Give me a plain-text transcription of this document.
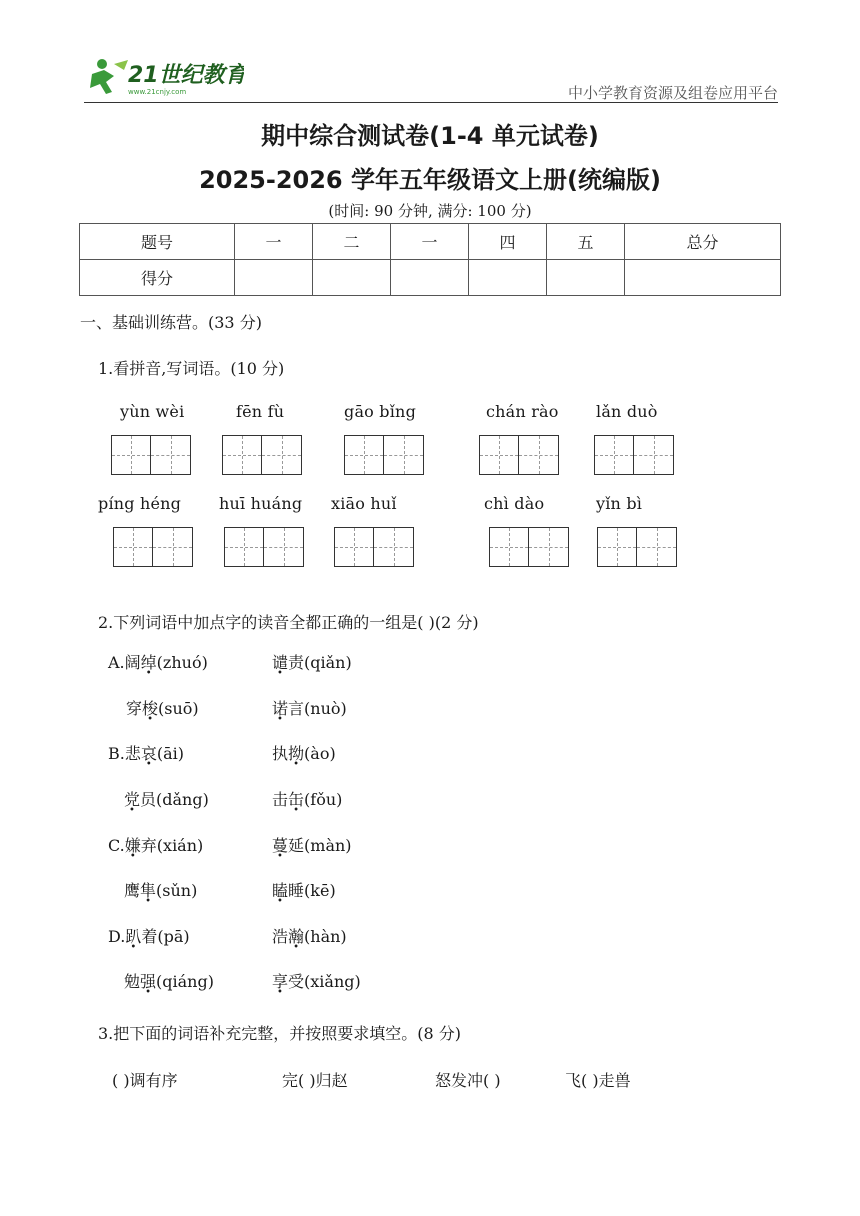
21世纪教育
www.21cnjy.com	中小学教育资源及组卷应用平台
期中综合测试卷(1-4 单元试卷)
2025-2026 学年五年级语文上册(统编版)
(时间: 90 分钟, 满分: 100 分)
题号	一	二	一	四	五	总分
得分						
一、基础训练营。(33 分)
1.看拼音,写词语。(10 分)
yùn wèi	fēn fù	gāo bǐng	chán rào lǎn duò
píng héng huī huáng xiāo huǐ	chì dào	yǐn bì
2.下列词语中加点字的读音全都正确的一组是( )(2 分)
A.阔绰(zhuó)	谴责(qiǎn)
穿梭(suō)	诺言(nuò)
B.悲哀(āi)	执拗(ào)
党员(dǎng)	击缶(fǒu)
C.嫌弃(xián)	蔓延(màn)
鹰隼(sǔn)	瞌睡(kē)
D.趴着(pā)	浩瀚(hàn)
勉强(qiáng)	享受(xiǎng)
3.把下面的词语补充完整，并按照要求填空。(8 分)
( )调有序	完( )归赵	怒发冲( )	飞( )走兽
